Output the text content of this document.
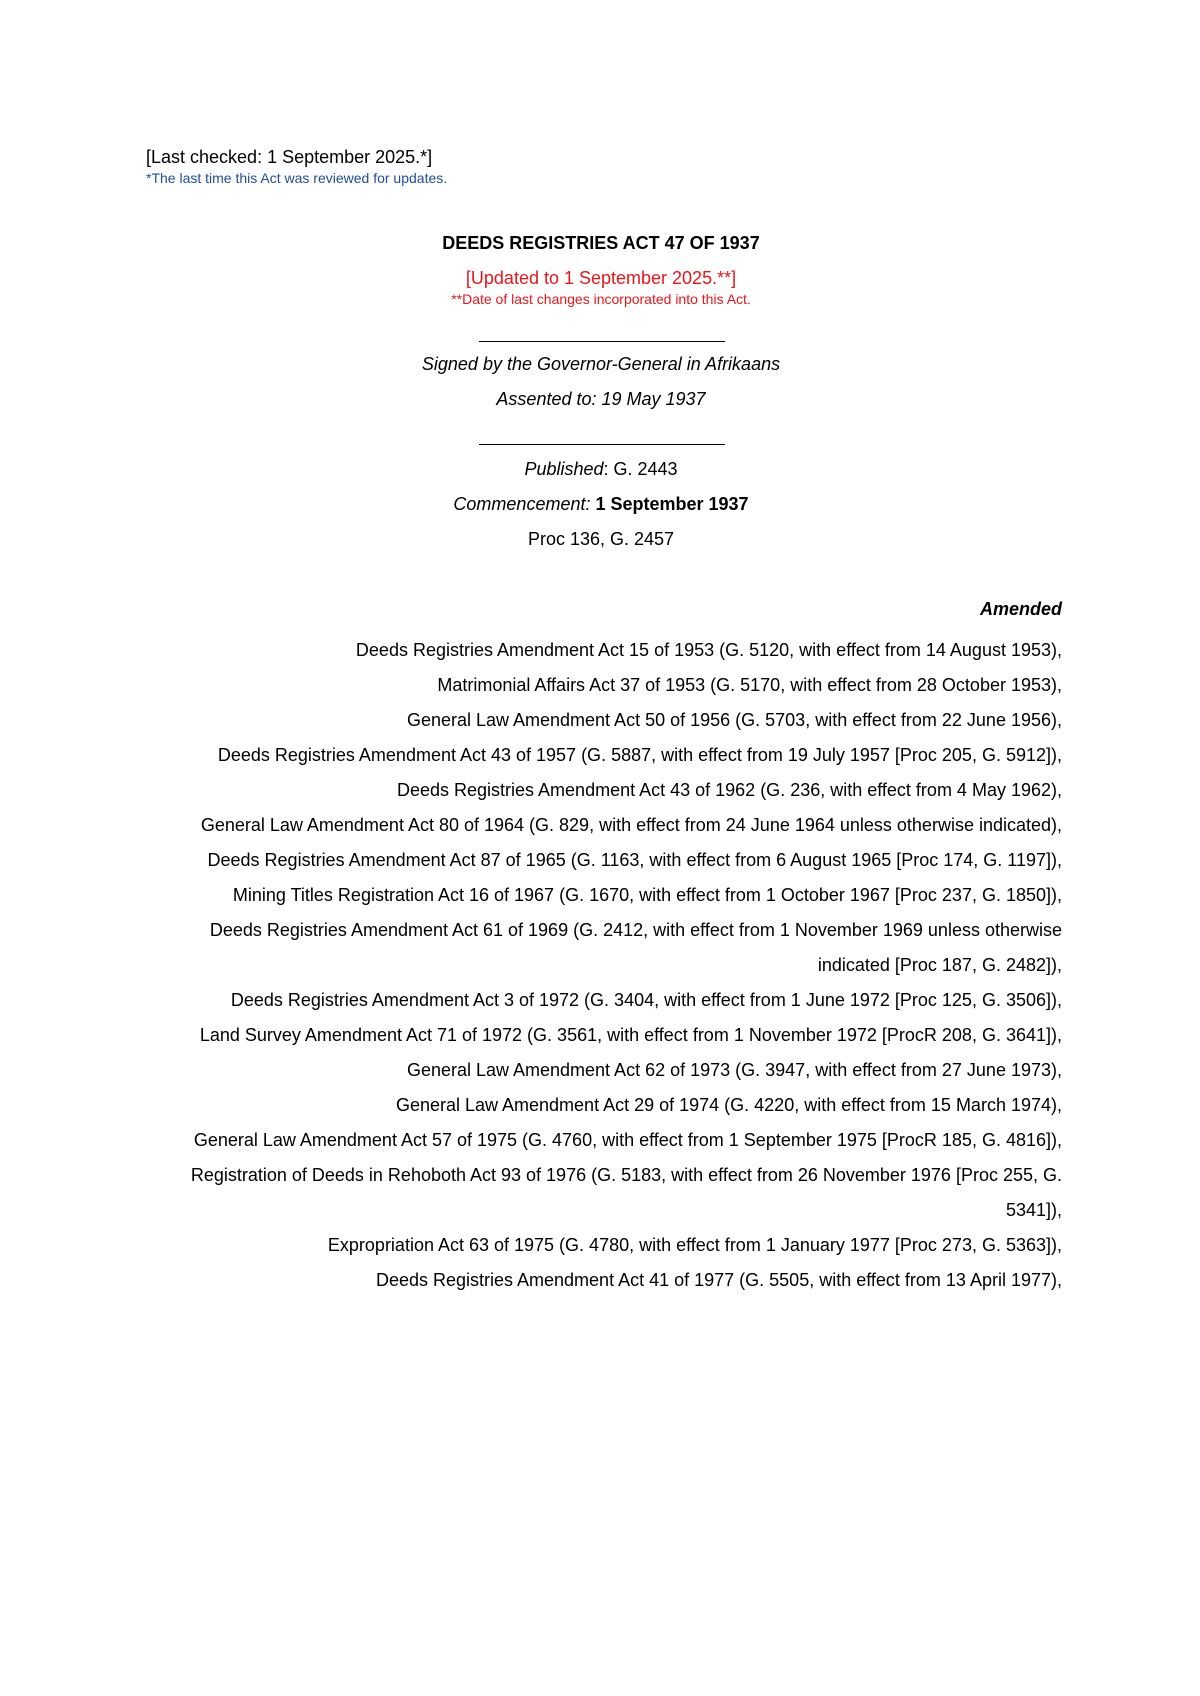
[Last checked: 1 September 2025.*]
*The last time this Act was reviewed for updates.
DEEDS REGISTRIES ACT 47 OF 1937
[Updated to 1 September 2025.**]
**Date of last changes incorporated into this Act.
Signed by the Governor-General in Afrikaans
Assented to: 19 May 1937
Published: G. 2443
Commencement: 1 September 1937
Proc 136, G. 2457
Amended
Deeds Registries Amendment Act 15 of 1953 (G. 5120, with effect from 14 August 1953),
Matrimonial Affairs Act 37 of 1953 (G. 5170, with effect from 28 October 1953),
General Law Amendment Act 50 of 1956 (G. 5703, with effect from 22 June 1956),
Deeds Registries Amendment Act 43 of 1957 (G. 5887, with effect from 19 July 1957 [Proc 205, G. 5912]),
Deeds Registries Amendment Act 43 of 1962 (G. 236, with effect from 4 May 1962),
General Law Amendment Act 80 of 1964 (G. 829, with effect from 24 June 1964 unless otherwise indicated),
Deeds Registries Amendment Act 87 of 1965 (G. 1163, with effect from 6 August 1965 [Proc 174, G. 1197]),
Mining Titles Registration Act 16 of 1967 (G. 1670, with effect from 1 October 1967 [Proc 237, G. 1850]),
Deeds Registries Amendment Act 61 of 1969 (G. 2412, with effect from 1 November 1969 unless otherwise indicated [Proc 187, G. 2482]),
Deeds Registries Amendment Act 3 of 1972 (G. 3404, with effect from 1 June 1972 [Proc 125, G. 3506]),
Land Survey Amendment Act 71 of 1972 (G. 3561, with effect from 1 November 1972 [ProcR 208, G. 3641]),
General Law Amendment Act 62 of 1973 (G. 3947, with effect from 27 June 1973),
General Law Amendment Act 29 of 1974 (G. 4220, with effect from 15 March 1974),
General Law Amendment Act 57 of 1975 (G. 4760, with effect from 1 September 1975 [ProcR 185, G. 4816]),
Registration of Deeds in Rehoboth Act 93 of 1976 (G. 5183, with effect from 26 November 1976 [Proc 255, G. 5341]),
Expropriation Act 63 of 1975 (G. 4780, with effect from 1 January 1977 [Proc 273, G. 5363]),
Deeds Registries Amendment Act 41 of 1977 (G. 5505, with effect from 13 April 1977),
